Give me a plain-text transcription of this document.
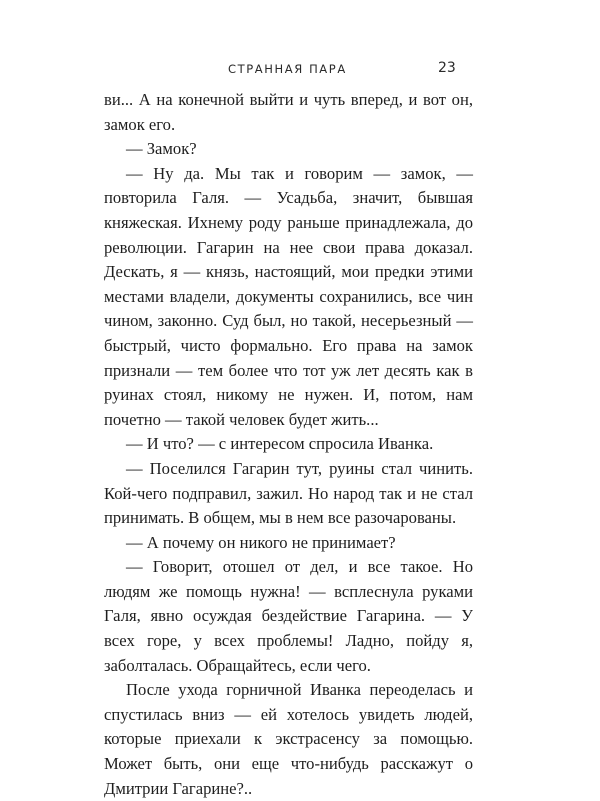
СТРАННАЯ ПАРА	23

ви... А на конечной выйти и чуть вперед, и вот он, замок его.

— Замок?

— Ну да. Мы так и говорим — замок, — повторила Галя. — Усадьба, значит, бывшая княжеская. Ихнему роду раньше принадлежала, до революции. Гагарин на нее свои права доказал. Дескать, я — князь, настоящий, мои предки этими местами владели, документы сохранились, все чин чином, законно. Суд был, но такой, несерьезный — быстрый, чисто формально. Его права на замок признали — тем более что тот уж лет десять как в руинах стоял, никому не нужен. И, потом, нам почетно — такой человек будет жить...

— И что? — с интересом спросила Иванка.

— Поселился Гагарин тут, руины стал чинить. Кой-чего подправил, зажил. Но народ так и не стал принимать. В общем, мы в нем все разочарованы.

— А почему он никого не принимает?

— Говорит, отошел от дел, и все такое. Но людям же помощь нужна! — всплеснула руками Галя, явно осуждая бездействие Гагарина. — У всех горе, у всех проблемы! Ладно, пойду я, заболталась. Обращайтесь, если чего.

После ухода горничной Иванка переоделась и спустилась вниз — ей хотелось увидеть людей, которые приехали к экстрасенсу за помощью. Может быть, они еще что-нибудь расскажут о Дмитрии Гагарине?..
